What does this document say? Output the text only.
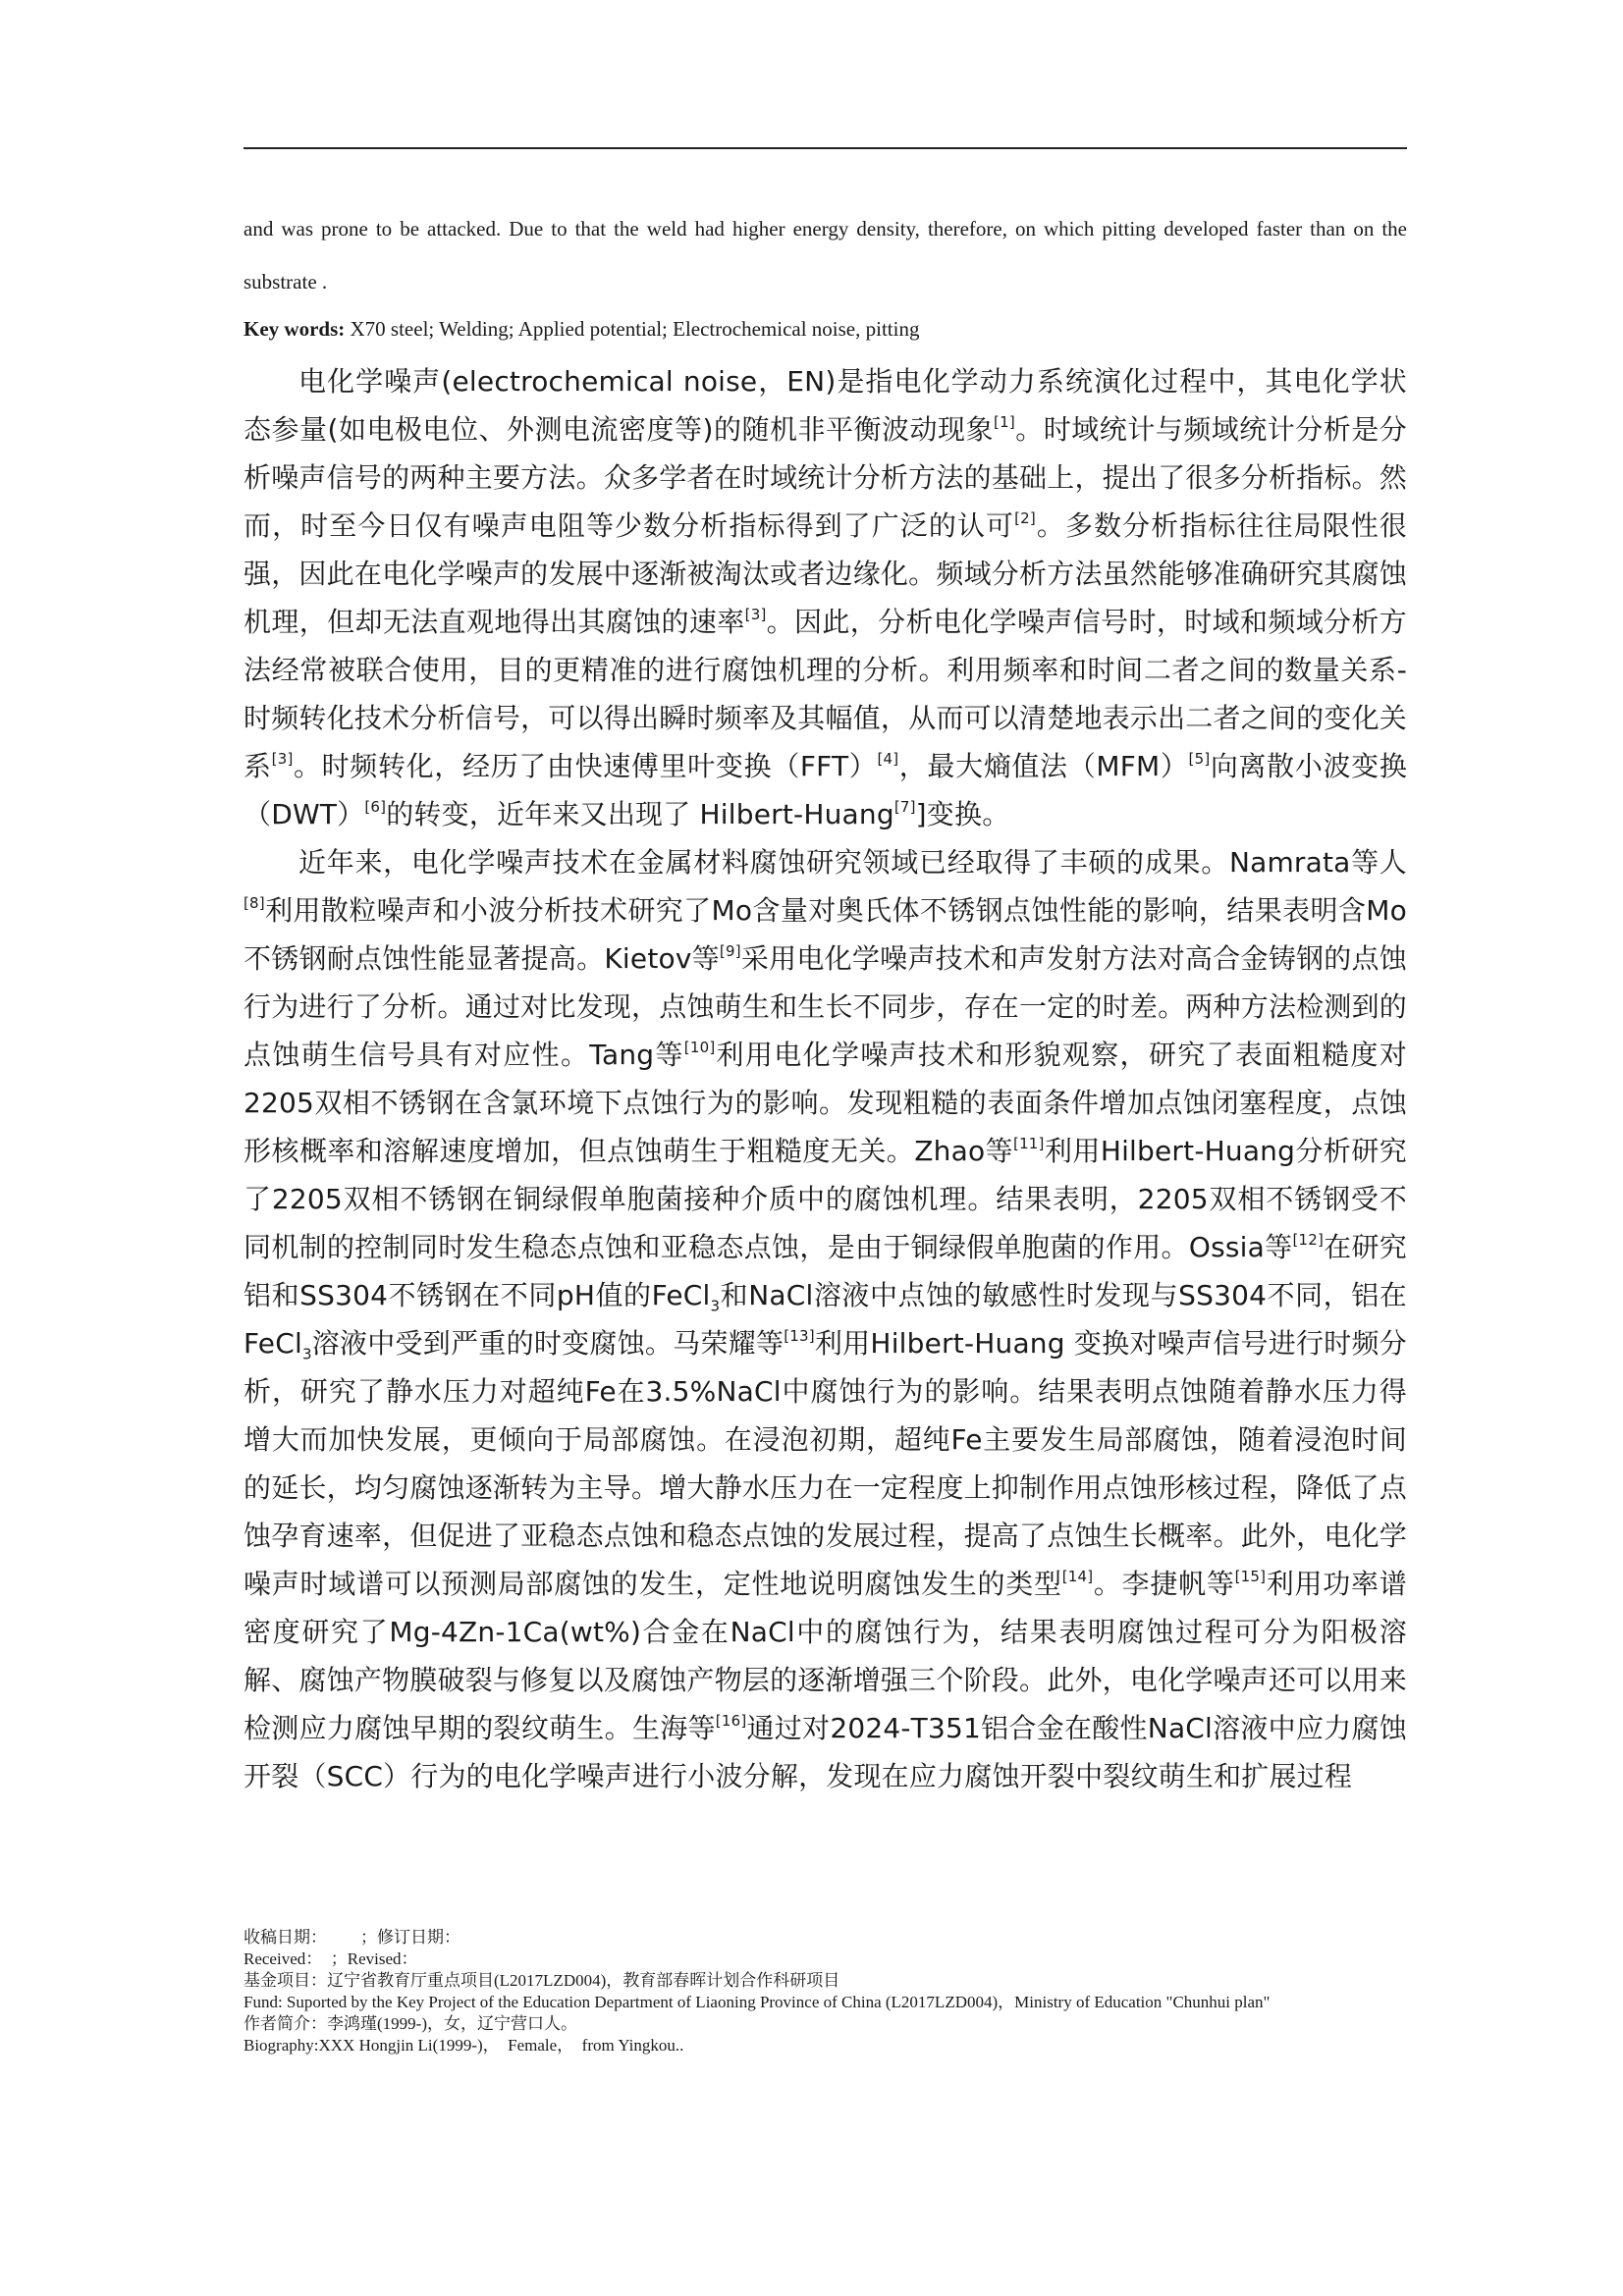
and was prone to be attacked. Due to that the weld had higher energy density, therefore, on which pitting developed faster than on the substrate .
Key words: X70 steel; Welding; Applied potential; Electrochemical noise, pitting

电化学噪声(electrochemical noise，EN)是指电化学动力系统演化过程中，其电化学状态参量(如电极电位、外测电流密度等)的随机非平衡波动现象[1]。时域统计与频域统计分析是分析噪声信号的两种主要方法。众多学者在时域统计分析方法的基础上，提出了很多分析指标。然而，时至今日仅有噪声电阻等少数分析指标得到了广泛的认可[2]。多数分析指标往往局限性很强，因此在电化学噪声的发展中逐渐被淘汰或者边缘化。频域分析方法虽然能够准确研究其腐蚀机理，但却无法直观地得出其腐蚀的速率[3]。因此，分析电化学噪声信号时，时域和频域分析方法经常被联合使用，目的更精准的进行腐蚀机理的分析。利用频率和时间二者之间的数量关系-时频转化技术分析信号，可以得出瞬时频率及其幅值，从而可以清楚地表示出二者之间的变化关系[3]。时频转化，经历了由快速傅里叶变换（FFT）[4]，最大熵值法（MFM）[5]向离散小波变换（DWT）[6]的转变，近年来又出现了 Hilbert-Huang[7]]变换。

近年来，电化学噪声技术在金属材料腐蚀研究领域已经取得了丰硕的成果。Namrata等人[8]利用散粒噪声和小波分析技术研究了Mo含量对奥氏体不锈钢点蚀性能的影响，结果表明含Mo不锈钢耐点蚀性能显著提高。Kietov等[9]采用电化学噪声技术和声发射方法对高合金铸钢的点蚀行为进行了分析。通过对比发现，点蚀萌生和生长不同步，存在一定的时差。两种方法检测到的点蚀萌生信号具有对应性。Tang等[10]利用电化学噪声技术和形貌观察，研究了表面粗糙度对2205双相不锈钢在含氯环境下点蚀行为的影响。发现粗糙的表面条件增加点蚀闭塞程度，点蚀形核概率和溶解速度增加，但点蚀萌生于粗糙度无关。Zhao等[11]利用Hilbert-Huang分析研究了2205双相不锈钢在铜绿假单胞菌接种介质中的腐蚀机理。结果表明，2205双相不锈钢受不同机制的控制同时发生稳态点蚀和亚稳态点蚀，是由于铜绿假单胞菌的作用。Ossia等[12]在研究铝和SS304不锈钢在不同pH值的FeCl$_3$和NaCl溶液中点蚀的敏感性时发现与SS304不同，铝在FeCl$_3$溶液中受到严重的时变腐蚀。马荣耀等[13]利用Hilbert-Huang 变换对噪声信号进行时频分析，研究了静水压力对超纯Fe在3.5%NaCl中腐蚀行为的影响。结果表明点蚀随着静水压力得增大而加快发展，更倾向于局部腐蚀。在浸泡初期，超纯Fe主要发生局部腐蚀，随着浸泡时间的延长，均匀腐蚀逐渐转为主导。增大静水压力在一定程度上抑制作用点蚀形核过程，降低了点蚀孕育速率，但促进了亚稳态点蚀和稳态点蚀的发展过程，提高了点蚀生长概率。此外，电化学噪声时域谱可以预测局部腐蚀的发生，定性地说明腐蚀发生的类型[14]。李捷帆等[15]利用功率谱密度研究了Mg-4Zn-1Ca(wt%)合金在NaCl中的腐蚀行为，结果表明腐蚀过程可分为阳极溶解、腐蚀产物膜破裂与修复以及腐蚀产物层的逐渐增强三个阶段。此外，电化学噪声还可以用来检测应力腐蚀早期的裂纹萌生。生海等[16]通过对2024-T351铝合金在酸性NaCl溶液中应力腐蚀开裂（SCC）行为的电化学噪声进行小波分解，发现在应力腐蚀开裂中裂纹萌生和扩展过程

收稿日期：        ；修订日期：
Received：  ；Revised：
基金项目：辽宁省教育厅重点项目(L2017LZD004)，教育部春晖计划合作科研项目
Fund: Suported by the Key Project of the Education Department of Liaoning Province of China (L2017LZD004)，Ministry of Education "Chunhui plan"
作者简介：李鸿瑾(1999-)，女，辽宁营口人。
Biography:XXX Hongjin Li(1999-)，  Female，  from Yingkou..
